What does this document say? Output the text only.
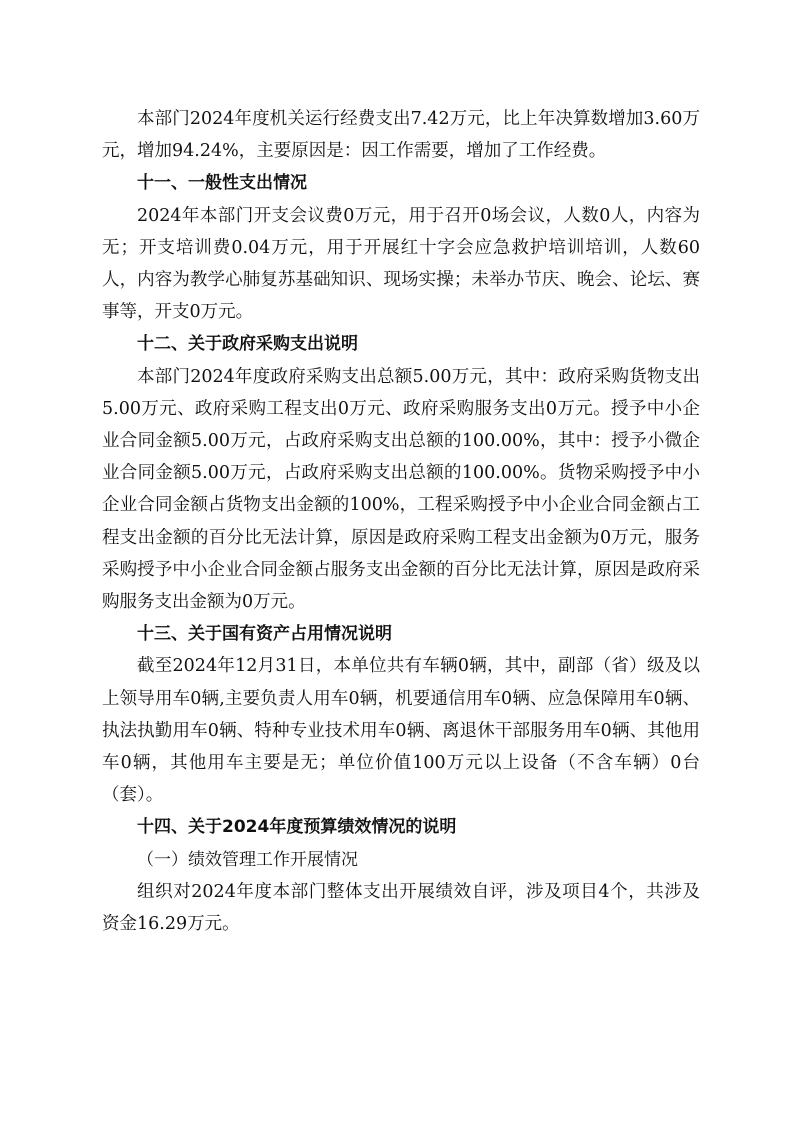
本部门2024年度机关运行经费支出7.42万元，比上年决算数增加3.60万元，增加94.24%，主要原因是：因工作需要，增加了工作经费。

十一、一般性支出情况

2024年本部门开支会议费0万元，用于召开0场会议，人数0人，内容为无；开支培训费0.04万元，用于开展红十字会应急救护培训培训，人数60人，内容为教学心肺复苏基础知识、现场实操；未举办节庆、晚会、论坛、赛事等，开支0万元。

十二、关于政府采购支出说明

本部门2024年度政府采购支出总额5.00万元，其中：政府采购货物支出5.00万元、政府采购工程支出0万元、政府采购服务支出0万元。授予中小企业合同金额5.00万元，占政府采购支出总额的100.00%，其中：授予小微企业合同金额5.00万元，占政府采购支出总额的100.00%。货物采购授予中小企业合同金额占货物支出金额的100%，工程采购授予中小企业合同金额占工程支出金额的百分比无法计算，原因是政府采购工程支出金额为0万元，服务采购授予中小企业合同金额占服务支出金额的百分比无法计算，原因是政府采购服务支出金额为0万元。

十三、关于国有资产占用情况说明

截至2024年12月31日，本单位共有车辆0辆，其中，副部（省）级及以上领导用车0辆,主要负责人用车0辆，机要通信用车0辆、应急保障用车0辆、执法执勤用车0辆、特种专业技术用车0辆、离退休干部服务用车0辆、其他用车0辆，其他用车主要是无；单位价值100万元以上设备（不含车辆）0台（套）。

十四、关于2024年度预算绩效情况的说明

（一）绩效管理工作开展情况

组织对2024年度本部门整体支出开展绩效自评，涉及项目4个，共涉及资金16.29万元。
